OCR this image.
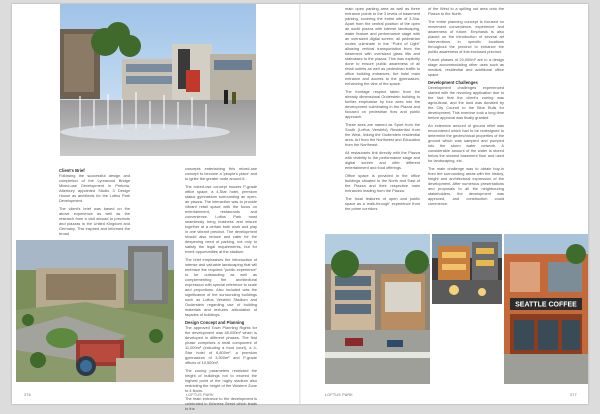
Client's Brief

Following the successful design and completion of the Lynnwood Bridge Mixed-use Development in Pretoria, Atterbury appointed Studio 3 Design House as architects for the Loftus Park Development.

The client's brief was based on the above experience as well as the research from a visit abroad to precincts and piazzas in the United Kingdom and Germany. This inspired and informed the broad

concepts entertaining this mixed-use concept to become a 'people's place' and to ignite the greater node around it.

The mixed-use concept houses P-grade office space, a 4-Star hotel, premium status gymnasium surrounding an open-air piazza. The interaction was to provide vibrant retail space with the focus on entertainment, restaurants and convenience. Loftus Park must seamlessly bring business and leisure together at a certain both work and play in one vibrant precinct. The development should also reduce and cater for the deepening need of parking, not only to satisfy the legal requirements, but for event opportunities at the stadium.

The brief emphasises the introduction of intense and valuable landscaping that will embrace the required "public experience" to be outstanding as well as complementing the architectural expression with special reference to scale and proportions. Also included was the significance of the surrounding buildings such as Loftus Versfeld Stadium and Ouderstein regarding use of building materials and textures articulation of façades of buildings.

Design Concept and Planning

The approved Town Planning Rights for the development was 48,000m² which is developed in different phases. The first phase comprises a retail component of 11,000m² (including a food court), a 4-Star hotel of 6,800m², a premium gymnasium of 3,500m² and P-grade offices of 10,500m².

The zoning parameters restricted the height of buildings not to exceed the highest point of the rugby stadium also restricting the height of the Western Zone to 4 floors.

The main entrance to the development is celebrated in Kirkness Street which leads to the

376	LOFTUS PARK

main open parking area as well as three entrance points to the 3 levels of basement parking, covering the entire site of 3.3ha. Apart from the central position of the open air sunlit piazza with intense landscaping, water feature and performance stage with an oversized digital screen, all pedestrian routes culminate in the "Point of Light" allowing vertical transportation from the basement with oversized glass lifts and staircases to the piazza. This was explicitly done to ensure public awareness of all retail outlets as well as pedestrian traffic to office building entrances, the hotel main entrance and access to the gymnasium, enhancing the vibe of the space.

The frontage respect taken from the already dimensional Ouderstein building to further emphasise by four axes into the development culminating in the Piazza and focused on pedestrian flow and public approach.

These axes are named as Sport from the South (Loftus Versfeld) Residential from the West, linking the Ouderstein residential area, Art from the Northwest and Education from the Northeast.

All restaurants link directly with the Piazza with visibility to the performance stage and digital screen and offer different entertainment and food offerings.

Office space is provided in the office buildings situated to the North and East of the Piazza and their respective main entrances leading from the Piazza.

The focal features of open and public space as a 'walk-through' experience from the prime corridors

of the West to a spilling out area onto the Piazza to the North.

The entire planning concept is focused on movement convenience, experience and awareness of future. Emphasis is also placed on the introduction of several art interventions in specific locations throughout the precinct to enhance the public awareness of this enclosed precinct.

Future phases of 20,000m² are in a design stage accommodating other uses such as medical, residential and additional office space.

Development Challenges

Development challenges experienced started with the rezoning application due to the fact that the client's zoning was agricultural, and the land was donated by the City Council to the Blue Bulls for development. This exercise took a long time before approval was finally granted.

An extensive amount of ground relief was encountered which had to be redesigned to determine the geotechnical properties of the ground which was sampled and pumped into the storm water network. A considerable amount of the water is stored below the slowest basement floor and used for landscaping, etc.

The main challenge was to obtain buy-in from the surrounding areas with the history, height and architectural expression of the development. After numerous presentations and proposals to all the neighbouring stakeholders, the development was approved, and construction could commence.

SEATTLE COFFEE
LOFTUS PARK	377
